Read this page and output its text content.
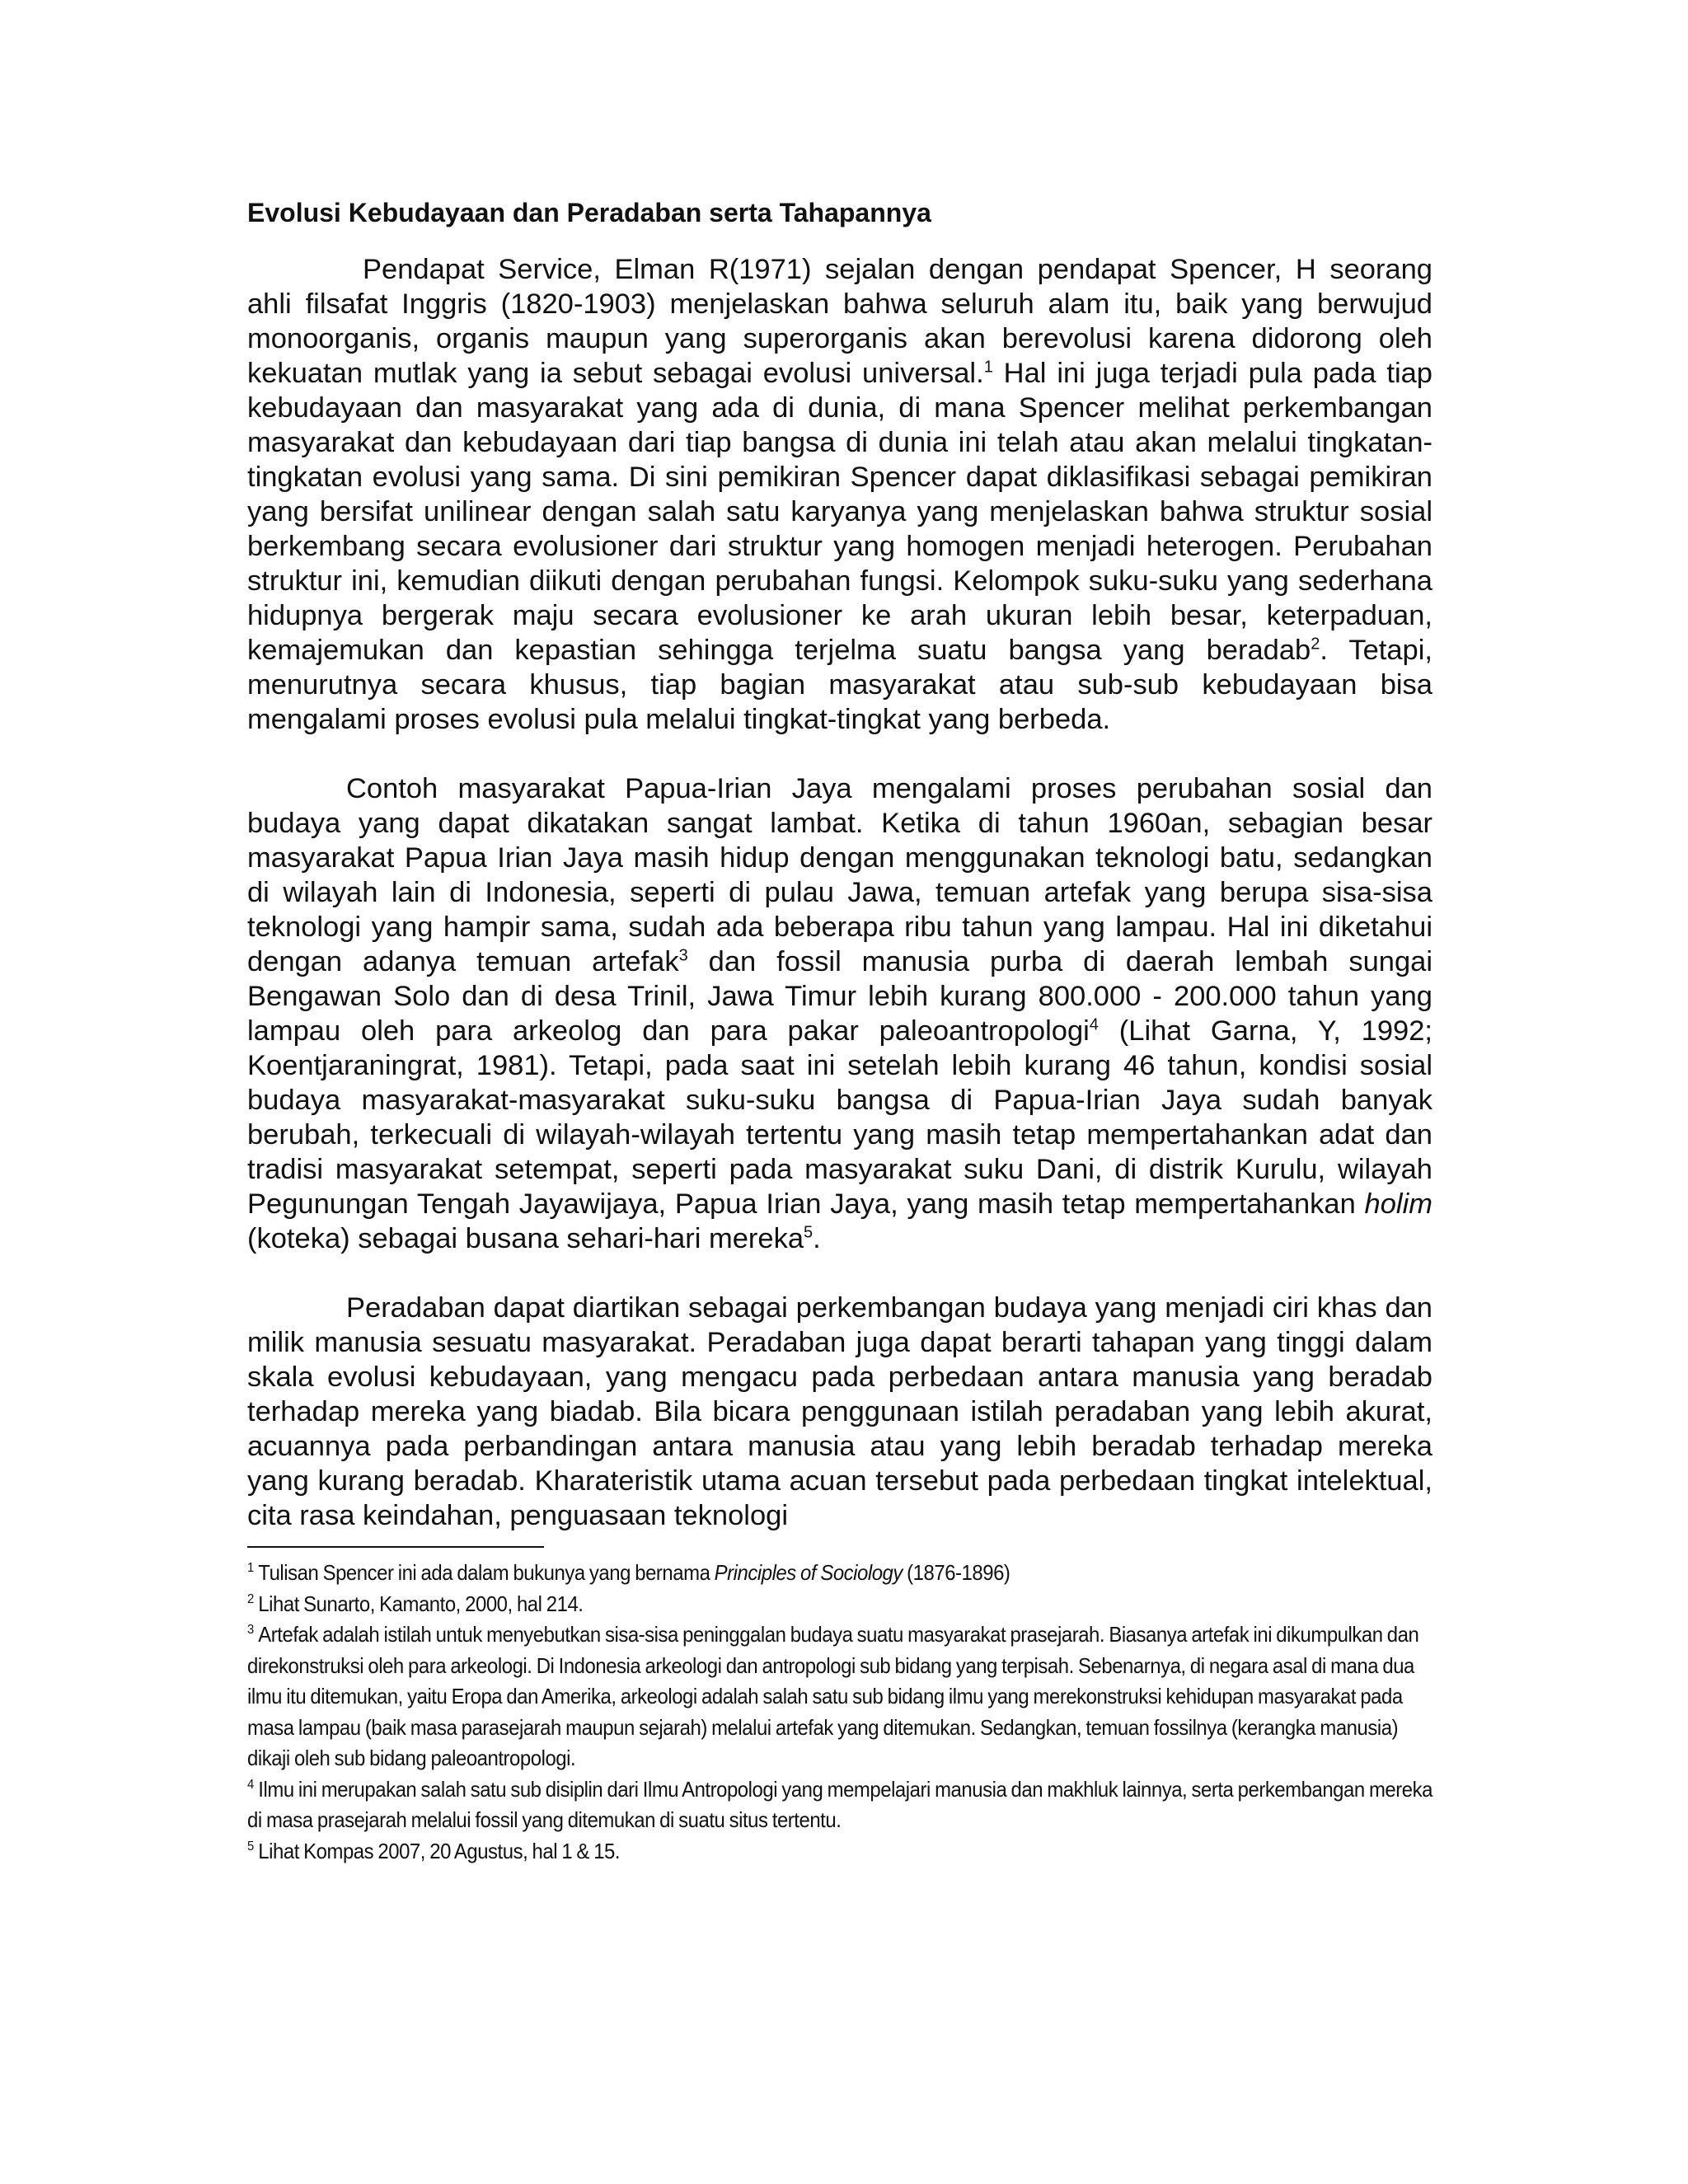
Evolusi Kebudayaan dan Peradaban serta Tahapannya

Pendapat Service, Elman R(1971) sejalan dengan pendapat Spencer, H seorang ahli filsafat Inggris (1820-1903) menjelaskan bahwa seluruh alam itu, baik yang berwujud monoorganis, organis maupun yang superorganis akan berevolusi karena didorong oleh kekuatan mutlak yang ia sebut sebagai evolusi universal.$^1$ Hal ini juga terjadi pula pada tiap kebudayaan dan masyarakat yang ada di dunia, di mana Spencer melihat perkembangan masyarakat dan kebudayaan dari tiap bangsa di dunia ini telah atau akan melalui tingkatan-tingkatan evolusi yang sama. Di sini pemikiran Spencer dapat diklasifikasi sebagai pemikiran yang bersifat unilinear dengan salah satu karyanya yang menjelaskan bahwa struktur sosial berkembang secara evolusioner dari struktur yang homogen menjadi heterogen. Perubahan struktur ini, kemudian diikuti dengan perubahan fungsi. Kelompok suku-suku yang sederhana hidupnya bergerak maju secara evolusioner ke arah ukuran lebih besar, keterpaduan, kemajemukan dan kepastian sehingga terjelma suatu bangsa yang beradab$^2$. Tetapi, menurutnya secara khusus, tiap bagian masyarakat atau sub-sub kebudayaan bisa mengalami proses evolusi pula melalui tingkat-tingkat yang berbeda.

Contoh masyarakat Papua-Irian Jaya mengalami proses perubahan sosial dan budaya yang dapat dikatakan sangat lambat. Ketika di tahun 1960an, sebagian besar masyarakat Papua Irian Jaya masih hidup dengan menggunakan teknologi batu, sedangkan di wilayah lain di Indonesia, seperti di pulau Jawa, temuan artefak yang berupa sisa-sisa teknologi yang hampir sama, sudah ada beberapa ribu tahun yang lampau. Hal ini diketahui dengan adanya temuan artefak$^3$ dan fossil manusia purba di daerah lembah sungai Bengawan Solo dan di desa Trinil, Jawa Timur lebih kurang 800.000 - 200.000 tahun yang lampau oleh para arkeolog dan para pakar paleoantropologi$^4$ (Lihat Garna, Y, 1992; Koentjaraningrat, 1981). Tetapi, pada saat ini setelah lebih kurang 46 tahun, kondisi sosial budaya masyarakat-masyarakat suku-suku bangsa di Papua-Irian Jaya sudah banyak berubah, terkecuali di wilayah-wilayah tertentu yang masih tetap mempertahankan adat dan tradisi masyarakat setempat, seperti pada masyarakat suku Dani, di distrik Kurulu, wilayah Pegunungan Tengah Jayawijaya, Papua Irian Jaya, yang masih tetap mempertahankan holim (koteka) sebagai busana sehari-hari mereka$^5$.

Peradaban dapat diartikan sebagai perkembangan budaya yang menjadi ciri khas dan milik manusia sesuatu masyarakat. Peradaban juga dapat berarti tahapan yang tinggi dalam skala evolusi kebudayaan, yang mengacu pada perbedaan antara manusia yang beradab terhadap mereka yang biadab. Bila bicara penggunaan istilah peradaban yang lebih akurat, acuannya pada perbandingan antara manusia atau yang lebih beradab terhadap mereka yang kurang beradab. Kharateristik utama acuan tersebut pada perbedaan tingkat intelektual, cita rasa keindahan, penguasaan teknologi

$^1$ Tulisan Spencer ini ada dalam bukunya yang bernama Principles of Sociology (1876-1896)

$^2$ Lihat Sunarto, Kamanto, 2000, hal 214.

$^3$ Artefak adalah istilah untuk menyebutkan sisa-sisa peninggalan budaya suatu masyarakat prasejarah. Biasanya artefak ini dikumpulkan dan direkonstruksi oleh para arkeologi. Di Indonesia arkeologi dan antropologi sub bidang yang terpisah. Sebenarnya, di negara asal di mana dua ilmu itu ditemukan, yaitu Eropa dan Amerika, arkeologi adalah salah satu sub bidang ilmu yang merekonstruksi kehidupan masyarakat pada masa lampau (baik masa parasejarah maupun sejarah) melalui artefak yang ditemukan. Sedangkan, temuan fossilnya (kerangka manusia) dikaji oleh sub bidang paleoantropologi.

$^4$ Ilmu ini merupakan salah satu sub disiplin dari Ilmu Antropologi yang mempelajari manusia dan makhluk lainnya, serta perkembangan mereka di masa prasejarah melalui fossil yang ditemukan di suatu situs tertentu.

$^5$ Lihat Kompas 2007, 20 Agustus, hal 1 & 15.
